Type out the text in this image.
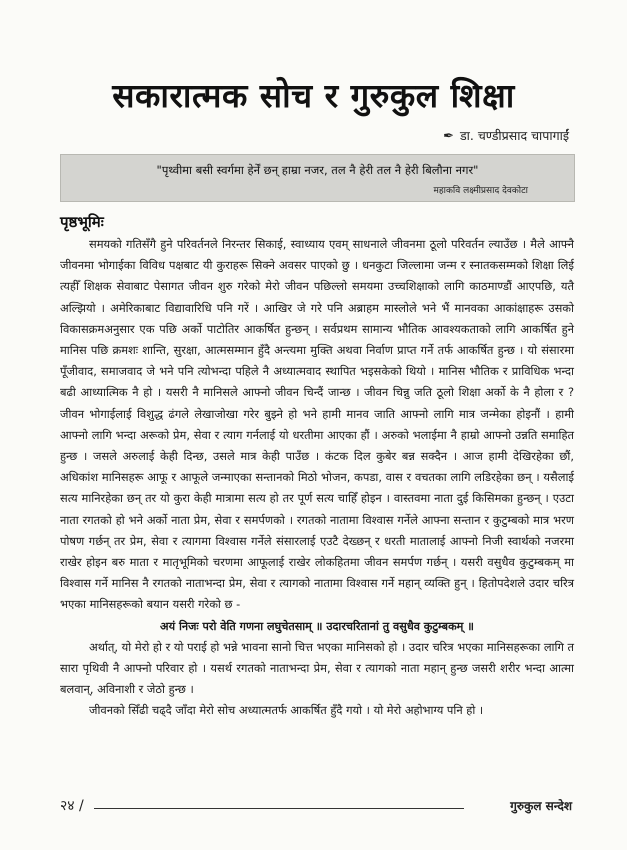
सकारात्मक सोच र गुरुकुल शिक्षा
✒ डा. चण्डीप्रसाद चापागाईं
"पृथ्वीमा बसी स्वर्गमा हेर्नें छन् हाम्रा नजर, तल नै हेरी तल नै हेरी बिलौना नगर"
महाकवि लक्ष्मीप्रसाद देवकोटा
पृष्ठभूमिः

समयको गतिसँगै हुने परिवर्तनले निरन्तर सिकाई, स्वाध्याय एवम् साधनाले जीवनमा ठूलो परिवर्तन ल्याउँछ । मैले आफ्नै जीवनमा भोगाईका विविध पक्षबाट यी कुराहरू सिक्ने अवसर पाएको छु । धनकुटा जिल्लामा जन्म र स्नातकसम्मको शिक्षा लिई त्यहीँ शिक्षक सेवाबाट पेसागत जीवन शुरु गरेको मेरो जीवन पछिल्लो समयमा उच्चशिक्षाको लागि काठमाण्डौं आएपछि, यतै अल्झियो । अमेरिकाबाट विद्यावारिधि पनि गरें । आखिर जे गरे पनि अब्राहम मास्लोले भने भैं मानवका आकांक्षाहरू उसको विकासक्रमअनुसार एक पछि अर्को पाटोतिर आकर्षित हुन्छन् । सर्वप्रथम सामान्य भौतिक आवश्यकताको लागि आकर्षित हुने मानिस पछि क्रमशः शान्ति, सुरक्षा, आत्मसम्मान हुँदै अन्त्यमा मुक्ति अथवा निर्वाण प्राप्त गर्ने तर्फ आकर्षित हुन्छ । यो संसारमा पूँजीवाद, समाजवाद जे भने पनि त्योभन्दा पहिले नै अध्यात्मवाद स्थापित भइसकेको थियो । मानिस भौतिक र प्राविधिक भन्दा बढी आध्यात्मिक नै हो । यसरी नै मानिसले आफ्नो जीवन चिन्दैं जान्छ । जीवन चिन्नु जति ठूलो शिक्षा अर्को के नै होला र ? जीवन भोगाईलाई विशुद्ध ढंगले लेखाजोखा गरेर बुझ्ने हो भने हामी मानव जाति आफ्नो लागि मात्र जन्मेका होइनौं । हामी आफ्नो लागि भन्दा अरूको प्रेम, सेवा र त्याग गर्नलाई यो धरतीमा आएका हौं । अरुको भलाईमा नै हाम्रो आफ्नो उन्नति समाहित हुन्छ । जसले अरुलाई केही दिन्छ, उसले मात्र केही पाउँछ । कंटक दिल कुबेर बन्न सक्दैन । आज हामी देखिरहेका छौं, अधिकांश मानिसहरू आफू र आफूले जन्माएका सन्तानको मिठो भोजन, कपडा, वास र वचतका लागि लडिरहेका छन् । यसैलाई सत्य मानिरहेका छन् तर यो कुरा केही मात्रामा सत्य हो तर पूर्ण सत्य चाहिँ होइन । वास्तवमा नाता दुई किसिमका हुन्छन् । एउटा नाता रगतको हो भने अर्को नाता प्रेम, सेवा र समर्पणको । रगतको नातामा विश्वास गर्नेले आफ्ना सन्तान र कुटुम्बको मात्र भरण पोषण गर्छन् तर प्रेम, सेवा र त्यागमा विश्वास गर्नेले संसारलाई एउटै देख्छन् र धरती मातालाई आफ्नो निजी स्वार्थको नजरमा राखेर होइन बरु माता र मातृभूमिको चरणमा आफूलाई राखेर लोकहितमा जीवन समर्पण गर्छन् । यसरी वसुधैव कुटुम्बकम् मा विश्वास गर्ने मानिस नै रगतको नाताभन्दा प्रेम, सेवा र त्यागको नातामा विश्वास गर्ने महान् व्यक्ति हुन् । हितोपदेशले उदार चरित्र भएका मानिसहरूको बयान यसरी गरेको छ -

अयं निजः परो वेति गणना लघुचेतसाम् ॥ उदारचरितानां तु वसुधैव कुटुम्बकम् ॥

अर्थात्, यो मेरो हो र यो पराई हो भन्ने भावना सानो चित्त भएका मानिसको हो । उदार चरित्र भएका मानिसहरूका लागि त सारा पृथिवी नै आफ्नो परिवार हो । यसर्थ रगतको नाताभन्दा प्रेम, सेवा र त्यागको नाता महान् हुन्छ जसरी शरीर भन्दा आत्मा बलवान्, अविनाशी र जेठो हुन्छ ।

जीवनको सिँढी चढ्दै जाँदा मेरो सोच अध्यात्मतर्फ आकर्षित हुँदै गयो । यो मेरो अहोभाग्य पनि हो ।

२४ /	गुरुकुल सन्देश
